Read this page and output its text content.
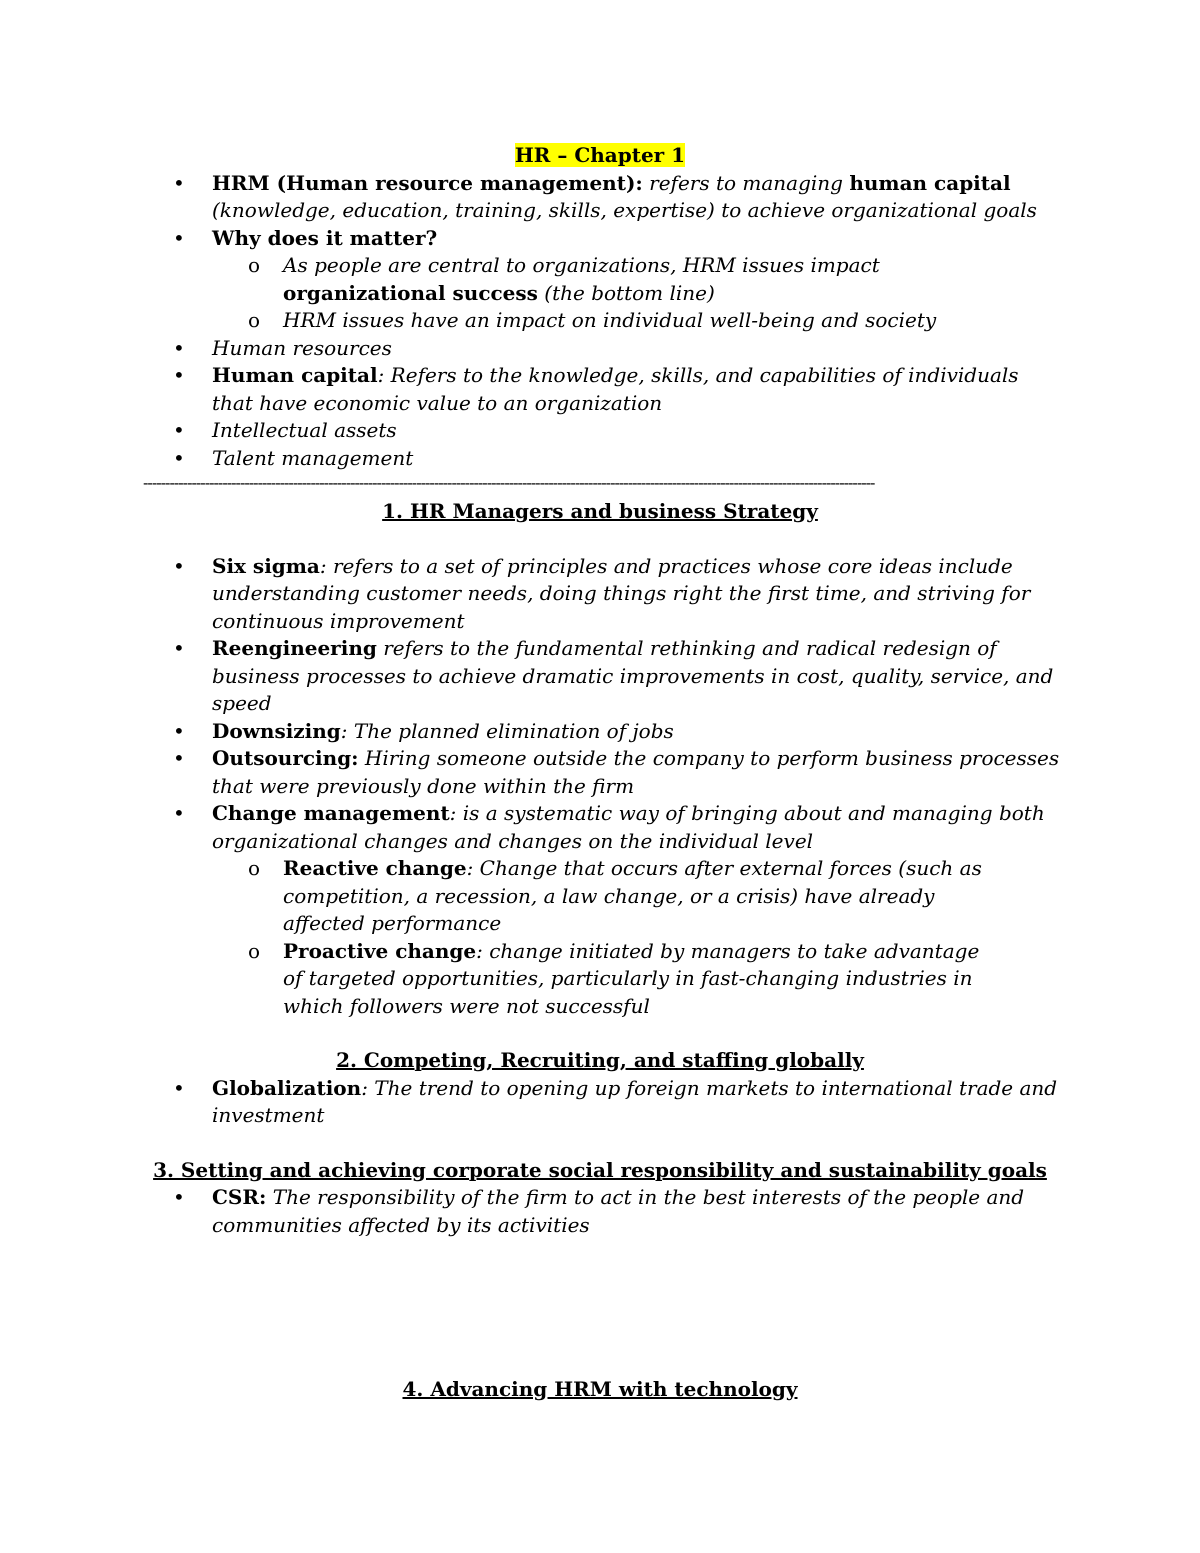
HR – Chapter 1
• HRM (Human resource management): refers to managing human capital (knowledge, education, training, skills, expertise) to achieve organizational goals
• Why does it matter?
o As people are central to organizations, HRM issues impact organizational success (the bottom line)
o HRM issues have an impact on individual well-being and society
• Human resources
• Human capital: Refers to the knowledge, skills, and capabilities of individuals that have economic value to an organization
• Intellectual assets
• Talent management
----------------------------------------------------------------------------------------------------------------------------------------------------------------------
1. HR Managers and business Strategy
• Six sigma: refers to a set of principles and practices whose core ideas include understanding customer needs, doing things right the first time, and striving for continuous improvement
• Reengineering refers to the fundamental rethinking and radical redesign of business processes to achieve dramatic improvements in cost, quality, service, and speed
• Downsizing: The planned elimination of jobs
• Outsourcing: Hiring someone outside the company to perform business processes that were previously done within the firm
• Change management: is a systematic way of bringing about and managing both organizational changes and changes on the individual level
o Reactive change: Change that occurs after external forces (such as competition, a recession, a law change, or a crisis) have already affected performance
o Proactive change: change initiated by managers to take advantage of targeted opportunities, particularly in fast-changing industries in which followers were not successful
2. Competing, Recruiting, and staffing globally
• Globalization: The trend to opening up foreign markets to international trade and investment
3. Setting and achieving corporate social responsibility and sustainability goals
• CSR: The responsibility of the firm to act in the best interests of the people and communities affected by its activities
4. Advancing HRM with technology
